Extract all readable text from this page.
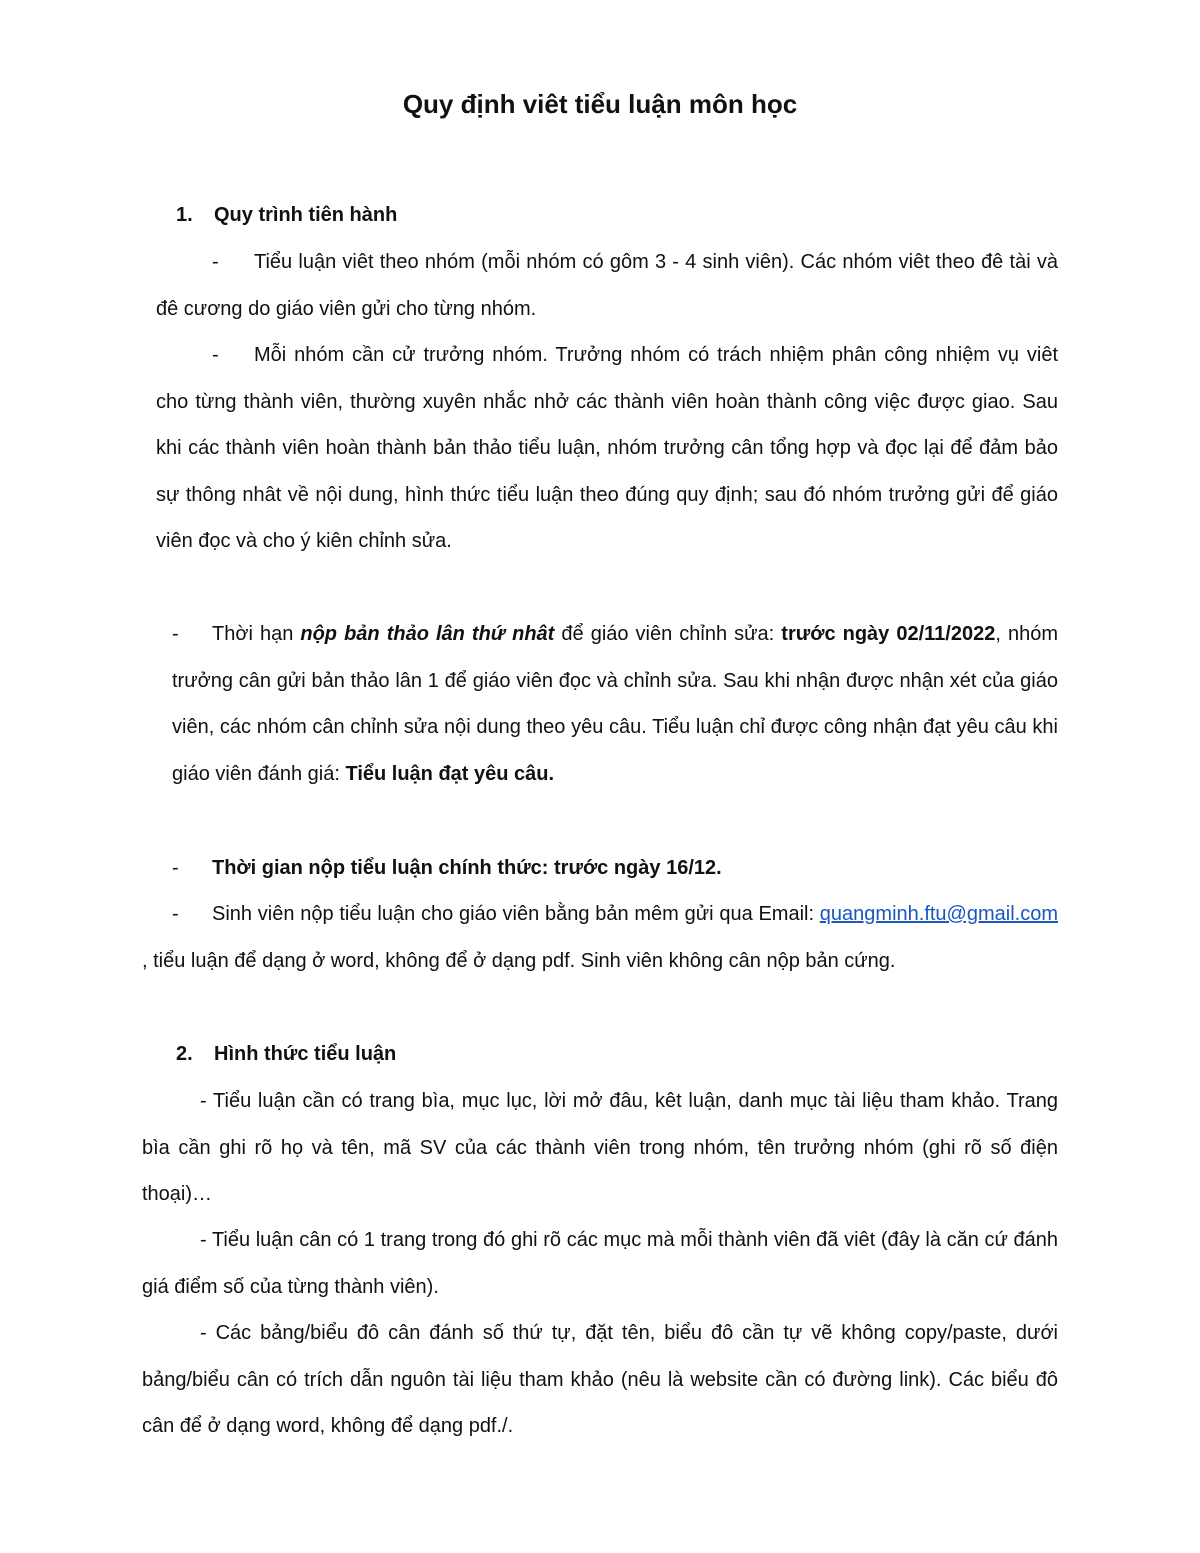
Quy định viêt tiểu luận môn học
1. Quy trình tiên hành
- Tiểu luận viêt theo nhóm (mỗi nhóm có gôm 3 - 4 sinh viên). Các nhóm viêt theo đê tài và đê cương do giáo viên gửi cho từng nhóm.
- Mỗi nhóm cần cử trưởng nhóm. Trưởng nhóm có trách nhiệm phân công nhiệm vụ viêt cho từng thành viên, thường xuyên nhắc nhở các thành viên hoàn thành công việc được giao. Sau khi các thành viên hoàn thành bản thảo tiểu luận, nhóm trưởng cân tổng hợp và đọc lại để đảm bảo sự thông nhât về nội dung, hình thức tiểu luận theo đúng quy định; sau đó nhóm trưởng gửi để giáo viên đọc và cho ý kiên chỉnh sửa.
- Thời hạn nộp bản thảo lân thứ nhât để giáo viên chỉnh sửa: trước ngày 02/11/2022, nhóm trưởng cân gửi bản thảo lân 1 để giáo viên đọc và chỉnh sửa. Sau khi nhận được nhận xét của giáo viên, các nhóm cân chỉnh sửa nội dung theo yêu câu. Tiểu luận chỉ được công nhận đạt yêu câu khi giáo viên đánh giá: Tiểu luận đạt yêu câu.
- Thời gian nộp tiểu luận chính thức: trước ngày 16/12.
- Sinh viên nộp tiểu luận cho giáo viên bằng bản mêm gửi qua Email: quangminh.ftu@gmail.com , tiểu luận để dạng ở word, không để ở dạng pdf. Sinh viên không cân nộp bản cứng.
2. Hình thức tiểu luận
- Tiểu luận cần có trang bìa, mục lục, lời mở đâu, kêt luận, danh mục tài liệu tham khảo. Trang bìa cần ghi rõ họ và tên, mã SV của các thành viên trong nhóm, tên trưởng nhóm (ghi rõ số điện thoại)…
- Tiểu luận cân có 1 trang trong đó ghi rõ các mục mà mỗi thành viên đã viêt (đây là căn cứ đánh giá điểm số của từng thành viên).
- Các bảng/biểu đô cân đánh số thứ tự, đặt tên, biểu đô cần tự vẽ không copy/paste, dưới bảng/biểu cân có trích dẫn nguôn tài liệu tham khảo (nêu là website cần có đường link). Các biểu đô cân để ở dạng word, không để dạng pdf./.
